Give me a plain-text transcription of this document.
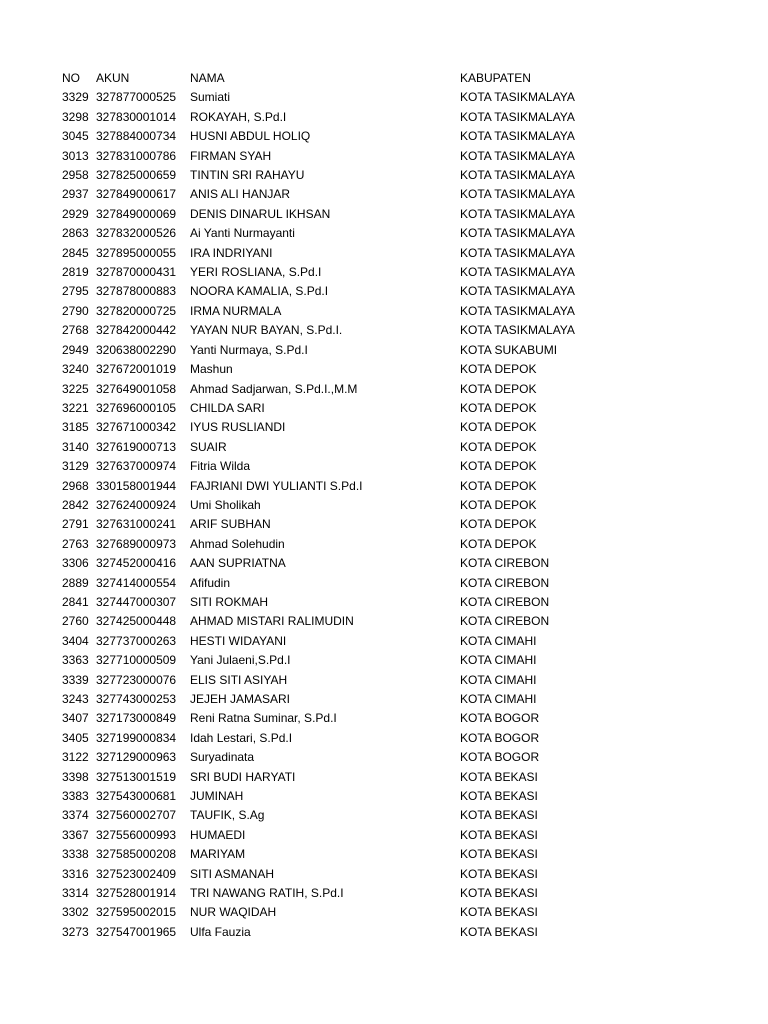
NO	AKUN	NAMA	KABUPATEN
3329	327877000525	Sumiati	KOTA TASIKMALAYA
3298	327830001014	ROKAYAH, S.Pd.I	KOTA TASIKMALAYA
3045	327884000734	HUSNI ABDUL HOLIQ	KOTA TASIKMALAYA
3013	327831000786	FIRMAN SYAH	KOTA TASIKMALAYA
2958	327825000659	TINTIN SRI RAHAYU	KOTA TASIKMALAYA
2937	327849000617	ANIS ALI HANJAR	KOTA TASIKMALAYA
2929	327849000069	DENIS DINARUL IKHSAN	KOTA TASIKMALAYA
2863	327832000526	Ai Yanti Nurmayanti	KOTA TASIKMALAYA
2845	327895000055	IRA INDRIYANI	KOTA TASIKMALAYA
2819	327870000431	YERI ROSLIANA, S.Pd.I	KOTA TASIKMALAYA
2795	327878000883	NOORA KAMALIA, S.Pd.I	KOTA TASIKMALAYA
2790	327820000725	IRMA NURMALA	KOTA TASIKMALAYA
2768	327842000442	YAYAN NUR BAYAN, S.Pd.I.	KOTA TASIKMALAYA
2949	320638002290	Yanti Nurmaya, S.Pd.I	KOTA SUKABUMI
3240	327672001019	Mashun	KOTA DEPOK
3225	327649001058	Ahmad Sadjarwan, S.Pd.I.,M.M	KOTA DEPOK
3221	327696000105	CHILDA SARI	KOTA DEPOK
3185	327671000342	IYUS RUSLIANDI	KOTA DEPOK
3140	327619000713	SUAIR	KOTA DEPOK
3129	327637000974	Fitria Wilda	KOTA DEPOK
2968	330158001944	FAJRIANI DWI YULIANTI S.Pd.I	KOTA DEPOK
2842	327624000924	Umi Sholikah	KOTA DEPOK
2791	327631000241	ARIF SUBHAN	KOTA DEPOK
2763	327689000973	Ahmad Solehudin	KOTA DEPOK
3306	327452000416	AAN SUPRIATNA	KOTA CIREBON
2889	327414000554	Afifudin	KOTA CIREBON
2841	327447000307	SITI ROKMAH	KOTA CIREBON
2760	327425000448	AHMAD MISTARI RALIMUDIN	KOTA CIREBON
3404	327737000263	HESTI WIDAYANI	KOTA CIMAHI
3363	327710000509	Yani Julaeni,S.Pd.I	KOTA CIMAHI
3339	327723000076	ELIS SITI ASIYAH	KOTA CIMAHI
3243	327743000253	JEJEH JAMASARI	KOTA CIMAHI
3407	327173000849	Reni Ratna Suminar, S.Pd.I	KOTA BOGOR
3405	327199000834	Idah Lestari, S.Pd.I	KOTA BOGOR
3122	327129000963	Suryadinata	KOTA BOGOR
3398	327513001519	SRI BUDI HARYATI	KOTA BEKASI
3383	327543000681	JUMINAH	KOTA BEKASI
3374	327560002707	TAUFIK, S.Ag	KOTA BEKASI
3367	327556000993	HUMAEDI	KOTA BEKASI
3338	327585000208	MARIYAM	KOTA BEKASI
3316	327523002409	SITI ASMANAH	KOTA BEKASI
3314	327528001914	TRI NAWANG RATIH, S.Pd.I	KOTA BEKASI
3302	327595002015	NUR WAQIDAH	KOTA BEKASI
3273	327547001965	Ulfa Fauzia	KOTA BEKASI
